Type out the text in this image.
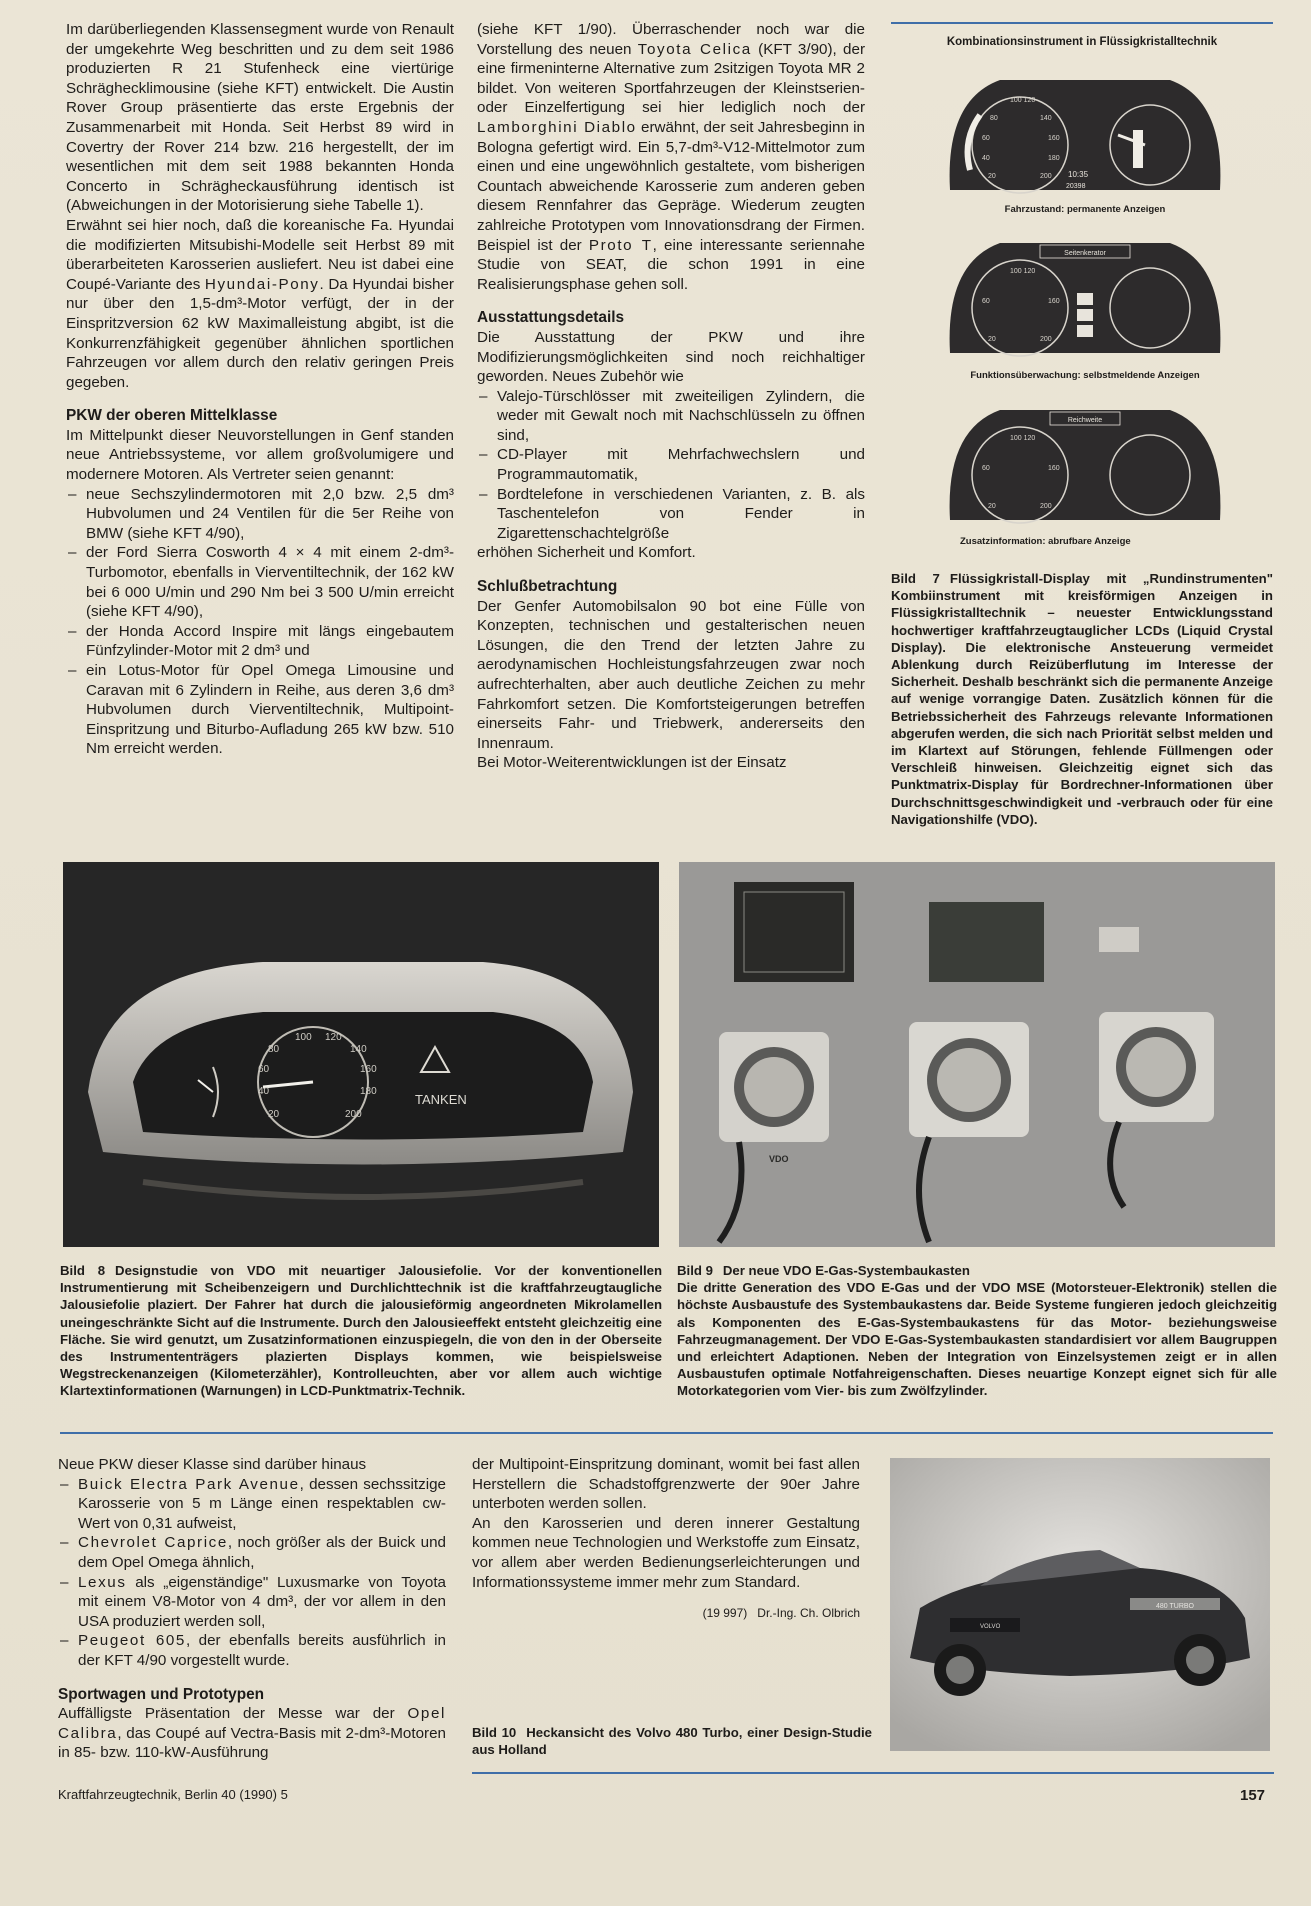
Im darüberliegenden Klassensegment wurde von Renault der umgekehrte Weg beschritten und zu dem seit 1986 produzierten R 21 Stufenheck eine viertürige Schräghecklimousine (siehe KFT) entwickelt. Die Austin Rover Group präsentierte das erste Ergebnis der Zusammenarbeit mit Honda. Seit Herbst 89 wird in Covertry der Rover 214 bzw. 216 hergestellt, der im wesentlichen mit dem seit 1988 bekannten Honda Concerto in Schrägheckausführung identisch ist (Abweichungen in der Motorisierung siehe Tabelle 1).

Erwähnt sei hier noch, daß die koreanische Fa. Hyundai die modifizierten Mitsubishi-Modelle seit Herbst 89 mit überarbeiteten Karosserien ausliefert. Neu ist dabei eine Coupé-Variante des Hyundai-Pony. Da Hyundai bisher nur über den 1,5-dm³-Motor verfügt, der in der Einspritzversion 62 kW Maximalleistung abgibt, ist die Konkurrenzfähigkeit gegenüber ähnlichen sportlichen Fahrzeugen vor allem durch den relativ geringen Preis gegeben.

PKW der oberen Mittelklasse

Im Mittelpunkt dieser Neuvorstellungen in Genf standen neue Antriebssysteme, vor allem großvolumigere und modernere Motoren. Als Vertreter seien genannt:

– neue Sechszylindermotoren mit 2,0 bzw. 2,5 dm³ Hubvolumen und 24 Ventilen für die 5er Reihe von BMW (siehe KFT 4/90),
– der Ford Sierra Cosworth 4 × 4 mit einem 2-dm³-Turbomotor, ebenfalls in Vierventiltechnik, der 162 kW bei 6 000 U/min und 290 Nm bei 3 500 U/min erreicht (siehe KFT 4/90),
– der Honda Accord Inspire mit längs eingebautem Fünfzylinder-Motor mit 2 dm³ und
– ein Lotus-Motor für Opel Omega Limousine und Caravan mit 6 Zylindern in Reihe, aus deren 3,6 dm³ Hubvolumen durch Vierventiltechnik, Multipoint-Einspritzung und Biturbo-Aufladung 265 kW bzw. 510 Nm erreicht werden.

(siehe KFT 1/90). Überraschender noch war die Vorstellung des neuen Toyota Celica (KFT 3/90), der eine firmeninterne Alternative zum 2sitzigen Toyota MR 2 bildet. Von weiteren Sportfahrzeugen der Kleinstserien- oder Einzelfertigung sei hier lediglich noch der Lamborghini Diablo erwähnt, der seit Jahresbeginn in Bologna gefertigt wird. Ein 5,7-dm³-V12-Mittelmotor zum einen und eine ungewöhnlich gestaltete, vom bisherigen Countach abweichende Karosserie zum anderen geben diesem Rennfahrer das Gepräge. Wiederum zeugten zahlreiche Prototypen vom Innovationsdrang der Firmen. Beispiel ist der Proto T, eine interessante seriennahe Studie von SEAT, die schon 1991 in eine Realisierungsphase gehen soll.

Ausstattungsdetails

Die Ausstattung der PKW und ihre Modifizierungsmöglichkeiten sind noch reichhaltiger geworden. Neues Zubehör wie

– Valejo-Türschlösser mit zweiteiligen Zylindern, die weder mit Gewalt noch mit Nachschlüsseln zu öffnen sind,
– CD-Player mit Mehrfachwechslern und Programmautomatik,
– Bordtelefone in verschiedenen Varianten, z. B. als Taschentelefon von Fender in Zigarettenschachtelgröße

erhöhen Sicherheit und Komfort.

Schlußbetrachtung

Der Genfer Automobilsalon 90 bot eine Fülle von Konzepten, technischen und gestalterischen neuen Lösungen, die den Trend der letzten Jahre zu aerodynamischen Hochleistungsfahrzeugen zwar noch aufrechterhalten, aber auch deutliche Zeichen zu mehr Fahrkomfort setzen. Die Komfortsteigerungen betreffen einerseits Fahr- und Triebwerk, andererseits den Innenraum.

Bei Motor-Weiterentwicklungen ist der Einsatz

Kombinationsinstrument in Flüssigkristalltechnik
100 120
80	140
60	160
40	180
20	200 10:35
20398
Fahrzustand: permanente Anzeigen
Seitenkerator
100 120
60	160
20	200
Funktionsüberwachung: selbstmeldende Anzeigen
Reichweite
100 120
60	160
20	200
Zusatzinformation: abrufbare Anzeige
Bild 7 Flüssigkristall-Display mit „Rundinstrumenten" Kombiinstrument mit kreisförmigen Anzeigen in Flüssigkristalltechnik – neuester Entwicklungsstand hochwertiger kraftfahrzeugtauglicher LCDs (Liquid Crystal Display). Die elektronische Ansteuerung vermeidet Ablenkung durch Reizüberflutung im Interesse der Sicherheit. Deshalb beschränkt sich die permanente Anzeige auf wenige vorrangige Daten. Zusätzlich können für die Betriebssicherheit des Fahrzeugs relevante Informationen abgerufen werden, die sich nach Priorität selbst melden und im Klartext auf Störungen, fehlende Füllmengen oder Verschleiß hinweisen. Gleichzeitig eignet sich das Punktmatrix-Display für Bordrechner-Informationen über Durchschnittsgeschwindigkeit und -verbrauch oder für eine Navigationshilfe (VDO).
100 120
80	140
60	160
40	180
20	200
TANKEN
VDO
Bild 8 Designstudie von VDO mit neuartiger Jalousiefolie. Vor der konventionellen Instrumentierung mit Scheibenzeigern und Durchlichttechnik ist die kraftfahrzeugtaugliche Jalousiefolie plaziert. Der Fahrer hat durch die jalousieförmig angeordneten Mikrolamellen uneingeschränkte Sicht auf die Instrumente. Durch den Jalousieeffekt entsteht gleichzeitig eine Fläche. Sie wird genutzt, um Zusatzinformationen einzuspiegeln, die von den in der Oberseite des Instrumententrägers plazierten Displays kommen, wie beispielsweise Wegstreckenanzeigen (Kilometerzähler), Kontrolleuchten, aber vor allem auch wichtige Klartextinformationen (Warnungen) in LCD-Punktmatrix-Technik.
Bild 9 Der neue VDO E-Gas-Systembaukasten
Die dritte Generation des VDO E-Gas und der VDO MSE (Motorsteuer-Elektronik) stellen die höchste Ausbaustufe des Systembaukastens dar. Beide Systeme fungieren jedoch gleichzeitig als Komponenten des E-Gas-Systembaukastens für das Motor- beziehungsweise Fahrzeugmanagement. Der VDO E-Gas-Systembaukasten standardisiert vor allem Baugruppen und erleichtert Adaptionen. Neben der Integration von Einzelsystemen zeigt er in allen Ausbaustufen optimale Notfahreigenschaften. Dieses neuartige Konzept eignet sich für alle Motorkategorien vom Vier- bis zum Zwölfzylinder.

Neue PKW dieser Klasse sind darüber hinaus

– Buick Electra Park Avenue, dessen sechssitzige Karosserie von 5 m Länge einen respektablen cw-Wert von 0,31 aufweist,
– Chevrolet Caprice, noch größer als der Buick und dem Opel Omega ähnlich,
– Lexus als „eigenständige" Luxusmarke von Toyota mit einem V8-Motor von 4 dm³, der vor allem in den USA produziert werden soll,
– Peugeot 605, der ebenfalls bereits ausführlich in der KFT 4/90 vorgestellt wurde.
Sportwagen und Prototypen

Auffälligste Präsentation der Messe war der Opel Calibra, das Coupé auf Vectra-Basis mit 2-dm³-Motoren in 85- bzw. 110-kW-Ausführung

der Multipoint-Einspritzung dominant, womit bei fast allen Herstellern die Schadstoffgrenzwerte der 90er Jahre unterboten werden sollen.

An den Karosserien und deren innerer Gestaltung kommen neue Technologien und Werkstoffe zum Einsatz, vor allem aber werden Bedienungserleichterungen und Informationssysteme immer mehr zum Standard.

(19 997) Dr.-Ing. Ch. Olbrich	480 TURBO
VOLVO
Bild 10 Heckansicht des Volvo 480 Turbo, einer Design-Studie aus Holland
Kraftfahrzeugtechnik, Berlin 40 (1990) 5	157
